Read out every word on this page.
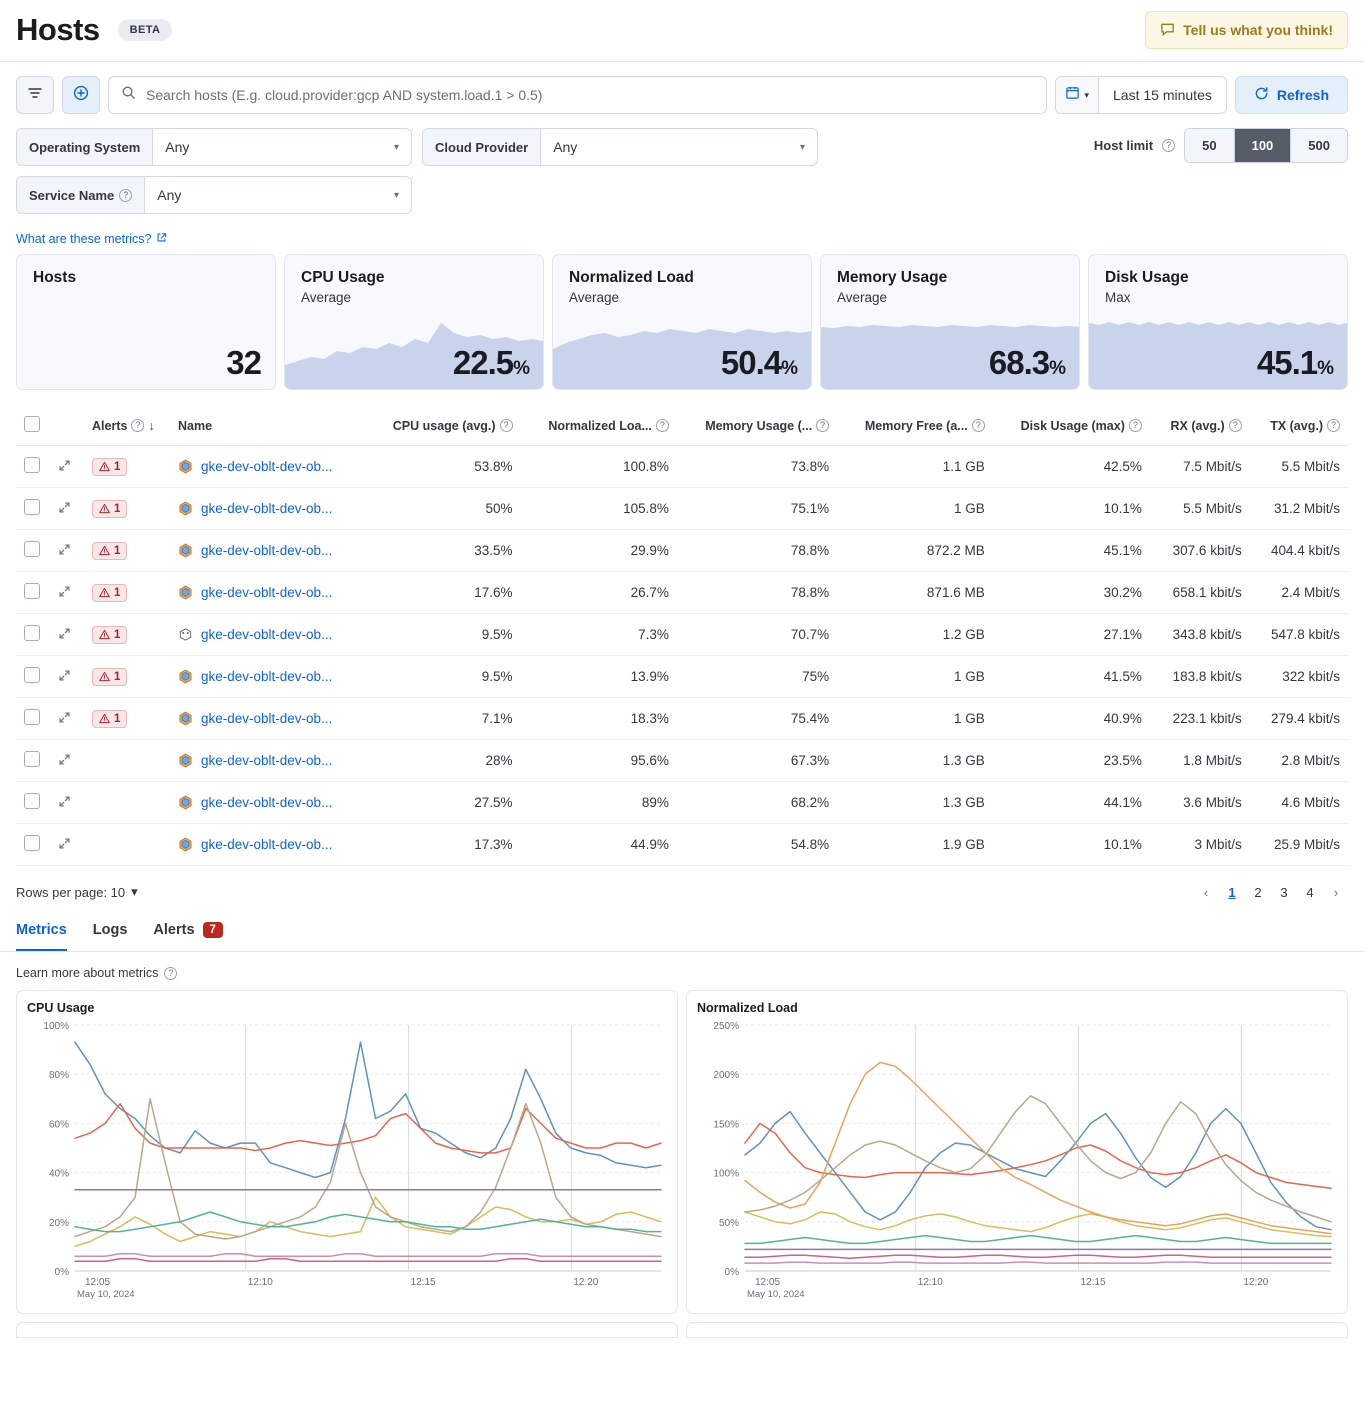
Hosts	BETA	Tell us what you think!
Search hosts (E.g. cloud.provider:gcp AND system.load.1 > 0.5)
▾	Last 15 minutes	Refresh
Operating System	Any	▾	Cloud Provider	Any	▾
Service Name ? Any	▾
Host limit	?	50	100	500
What are these metrics?
Hosts
32
CPU Usage
Average
22.5%
Normalized Load
Average
50.4%
Memory Usage
Average
68.3%
Disk Usage
Max
45.1%

		Alerts ? ↓	Name	CPU usage (avg.) ?	Normalized Loa... ?	Memory Usage (... ?	Memory Free (a... ?	Disk Usage (max) ?	RX (avg.) ?	TX (avg.) ?

1	gke-dev-oblt-dev-ob...	53.8%	100.8%	73.8%	1.1 GB	42.5%	7.5 Mbit/s	5.5 Mbit/s

1	gke-dev-oblt-dev-ob...	50%	105.8%	75.1%	1 GB	10.1%	5.5 Mbit/s	31.2 Mbit/s

1	gke-dev-oblt-dev-ob...	33.5%	29.9%	78.8%	872.2 MB	45.1%	307.6 kbit/s	404.4 kbit/s

1	gke-dev-oblt-dev-ob...	17.6%	26.7%	78.8%	871.6 MB	30.2%	658.1 kbit/s	2.4 Mbit/s

1	gke-dev-oblt-dev-ob...	9.5%	7.3%	70.7%	1.2 GB	27.1%	343.8 kbit/s	547.8 kbit/s

1	gke-dev-oblt-dev-ob...	9.5%	13.9%	75%	1 GB	41.5%	183.8 kbit/s	322 kbit/s

1	gke-dev-oblt-dev-ob...	7.1%	18.3%	75.4%	1 GB	40.9%	223.1 kbit/s	279.4 kbit/s

gke-dev-oblt-dev-ob...	28%	95.6%	67.3%	1.3 GB	23.5%	1.8 Mbit/s	2.8 Mbit/s

gke-dev-oblt-dev-ob...	27.5%	89%	68.2%	1.3 GB	44.1%	3.6 Mbit/s	4.6 Mbit/s

gke-dev-oblt-dev-ob...	17.3%	44.9%	54.8%	1.9 GB	10.1%	3 Mbit/s	25.9 Mbit/s
Rows per page: 10 ▾	‹	1	2	3	4	›
Metrics Logs Alerts	7
Learn more about metrics	?
CPU Usage
0%
20%
40%
60%
80%
100%
12:05	12:10	12:15	12:20
May 10, 2024
Normalized Load
0%
50%
100%
150%
200%
250%
12:05	12:10	12:15	12:20
May 10, 2024
